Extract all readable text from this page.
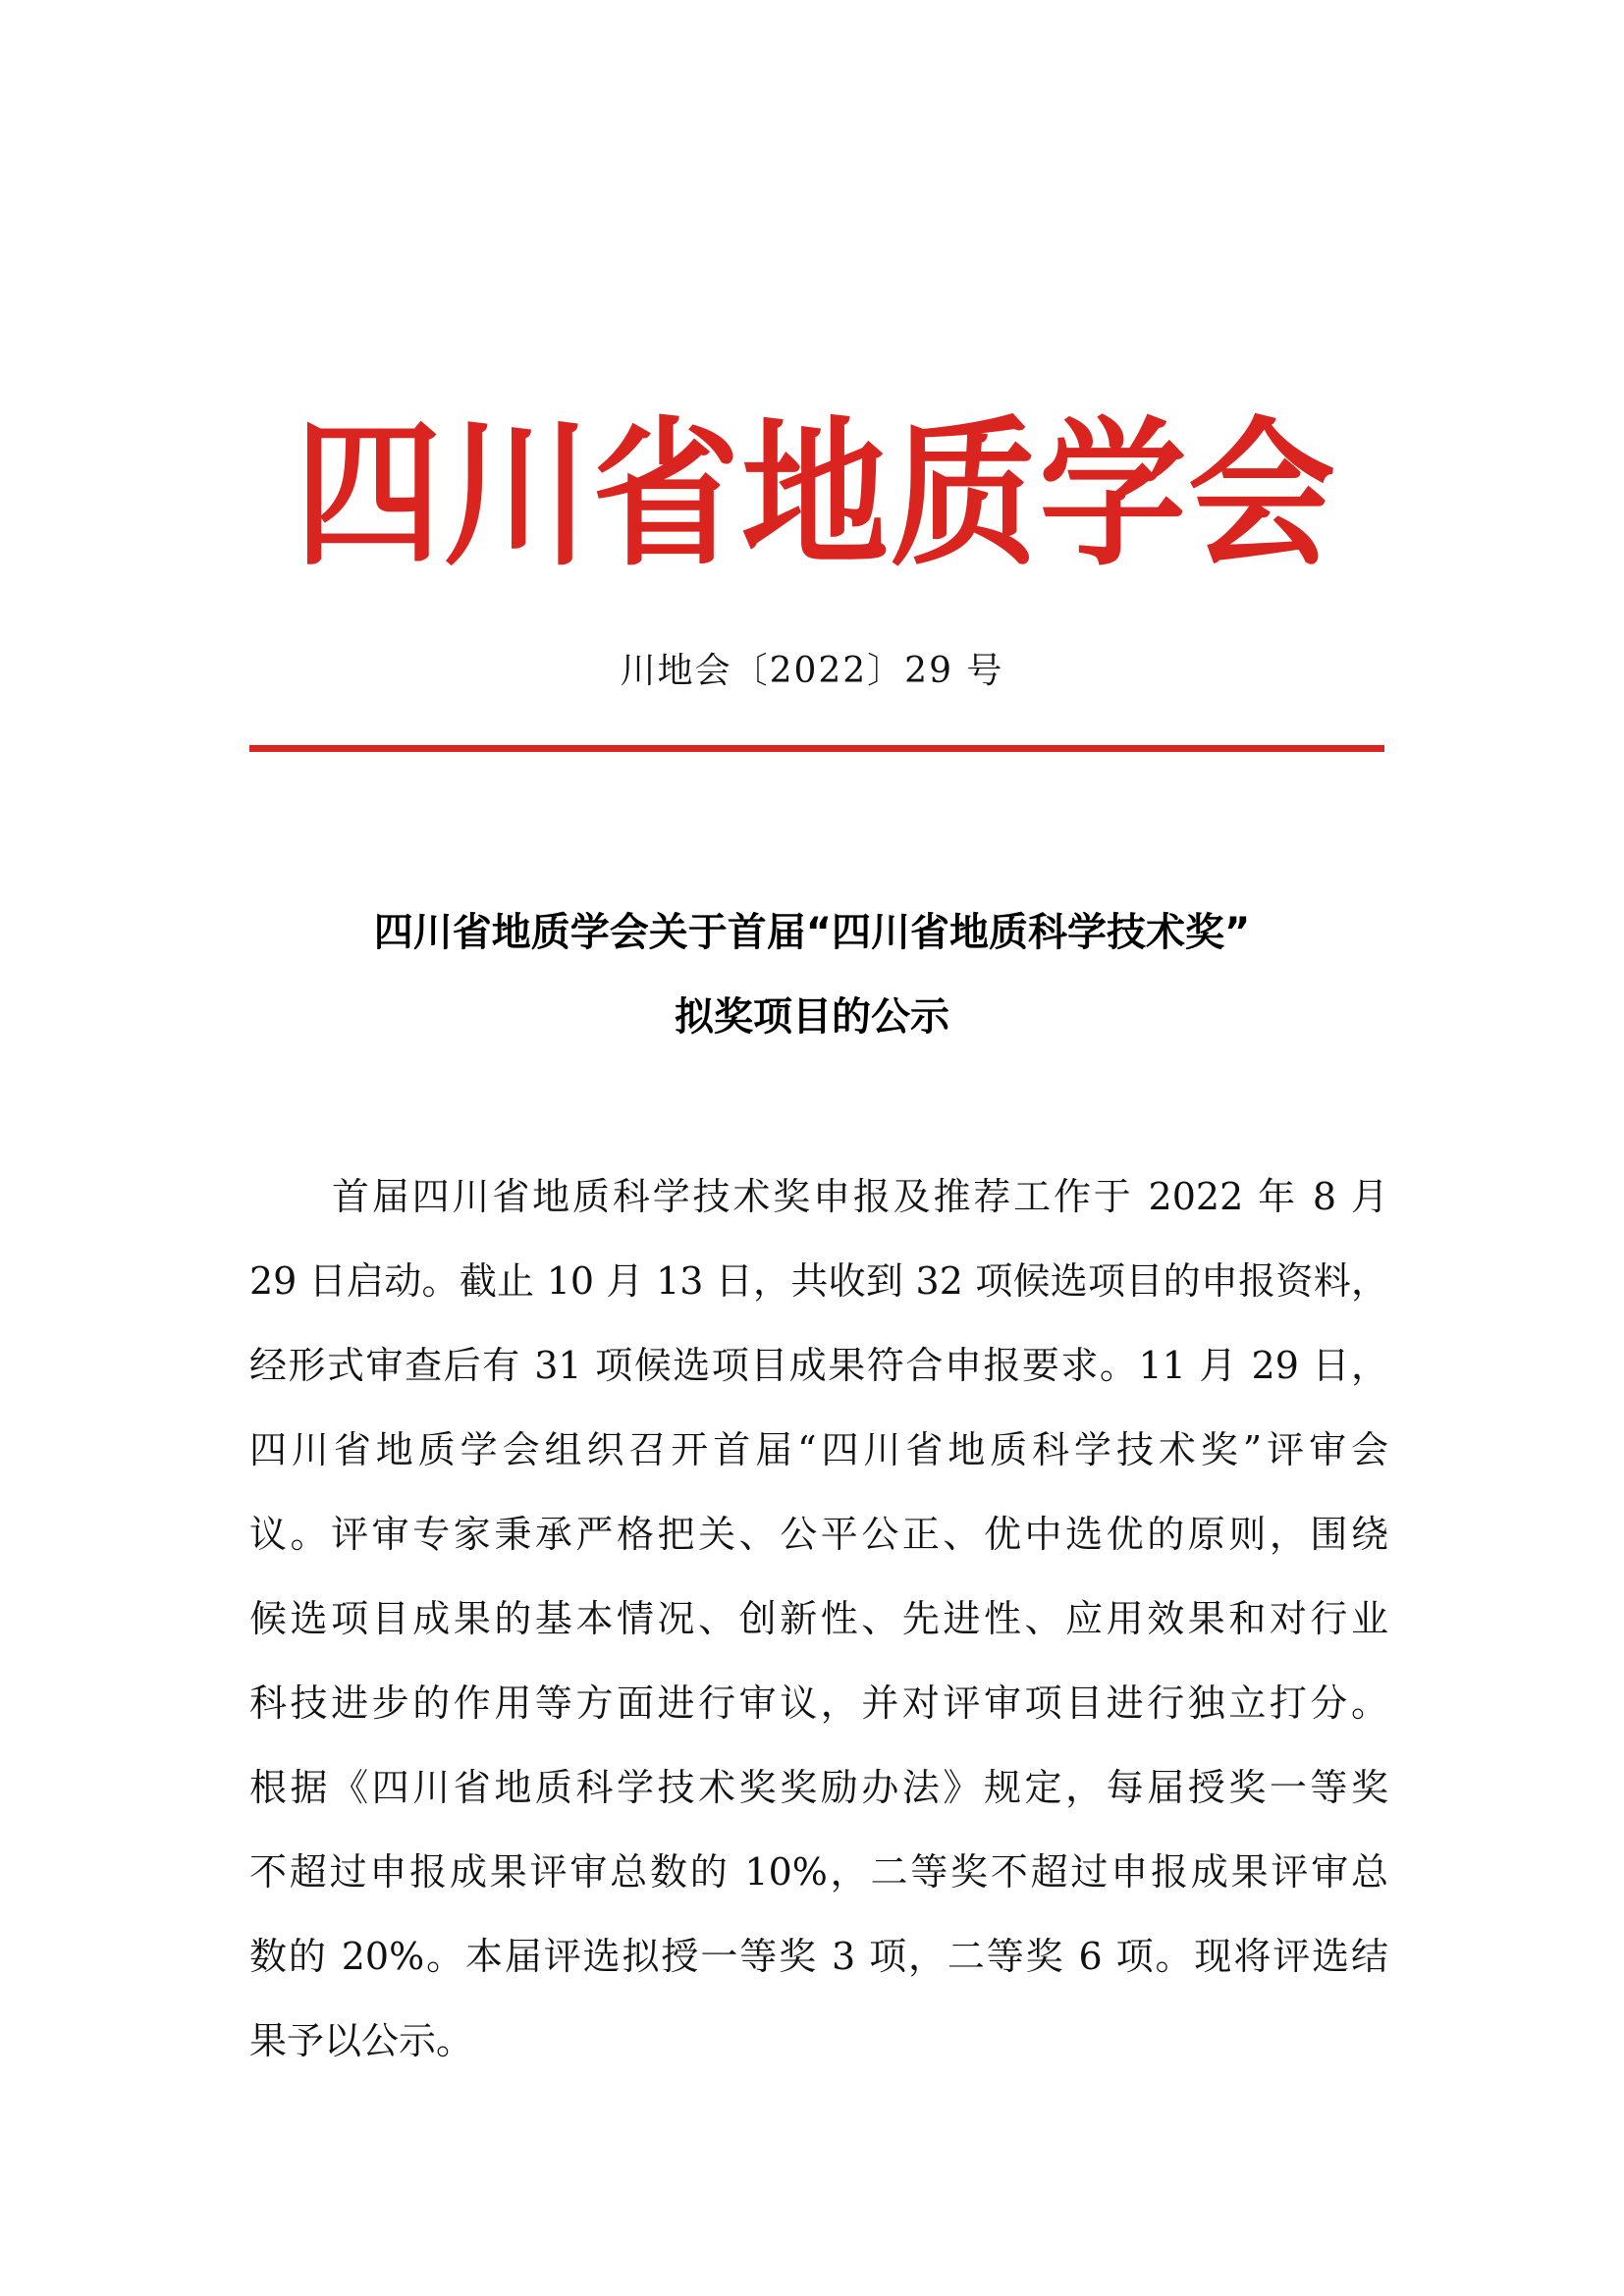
四 川 省 地 质 学 会
川地会〔2022〕29 号
四川省地质学会关于首届“四川省地质科学技术奖”
拟奖项目的公示
首届四川省地质科学技术奖申报及推荐工作于 2022 年 8 月
29 日启动。截止 10 月 13 日，共收到 32 项候选项目的申报资料，
经形式审查后有 31 项候选项目成果符合申报要求。11 月 29 日，
四川省地质学会组织召开首届“四川省地质科学技术奖”评审会
议。评审专家秉承严格把关、公平公正、优中选优的原则，围绕
候选项目成果的基本情况、创新性、先进性、应用效果和对行业
科技进步的作用等方面进行审议，并对评审项目进行独立打分。
根据《四川省地质科学技术奖奖励办法》规定，每届授奖一等奖
不超过申报成果评审总数的 10%，二等奖不超过申报成果评审总
数的 20%。本届评选拟授一等奖 3 项，二等奖 6 项。现将评选结
果予以公示。
